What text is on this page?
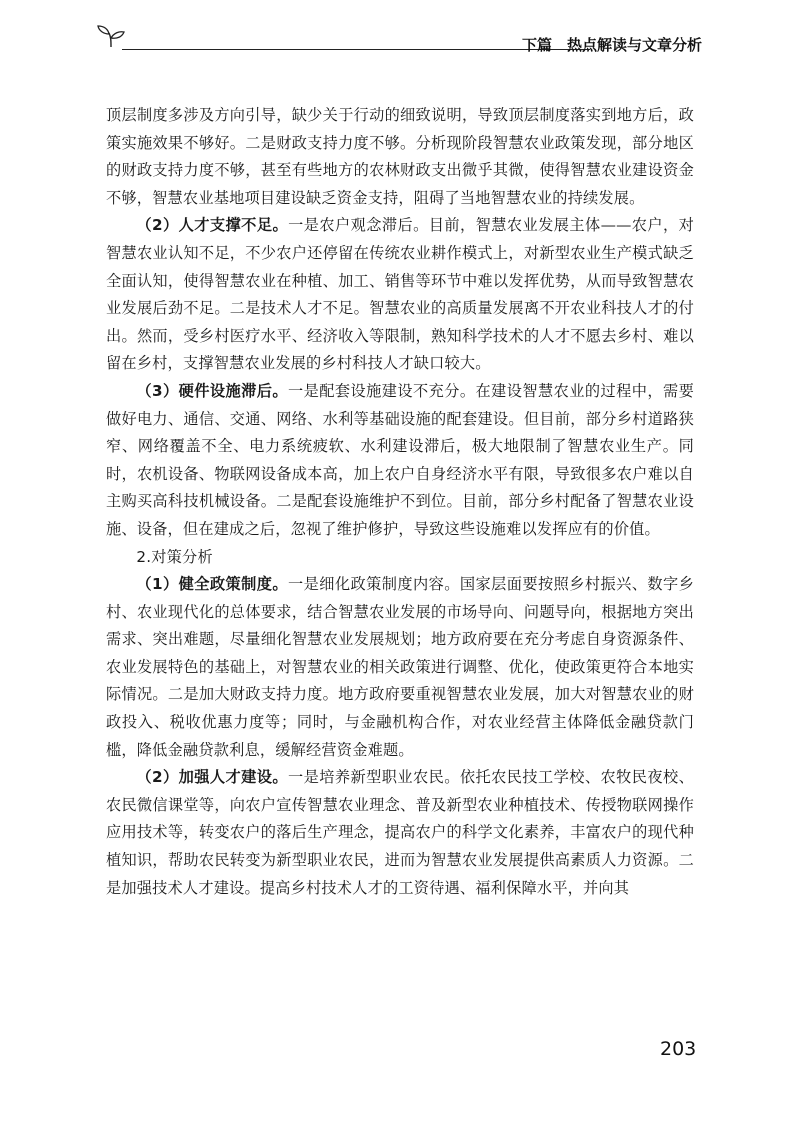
下篇　热点解读与文章分析

顶层制度多涉及方向引导，缺少关于行动的细致说明，导致顶层制度落实到地方后，政策实施效果不够好。二是财政支持力度不够。分析现阶段智慧农业政策发现，部分地区的财政支持力度不够，甚至有些地方的农林财政支出微乎其微，使得智慧农业建设资金不够，智慧农业基地项目建设缺乏资金支持，阻碍了当地智慧农业的持续发展。

（2）人才支撑不足。一是农户观念滞后。目前，智慧农业发展主体——农户，对智慧农业认知不足，不少农户还停留在传统农业耕作模式上，对新型农业生产模式缺乏全面认知，使得智慧农业在种植、加工、销售等环节中难以发挥优势，从而导致智慧农业发展后劲不足。二是技术人才不足。智慧农业的高质量发展离不开农业科技人才的付出。然而，受乡村医疗水平、经济收入等限制，熟知科学技术的人才不愿去乡村、难以留在乡村，支撑智慧农业发展的乡村科技人才缺口较大。

（3）硬件设施滞后。一是配套设施建设不充分。在建设智慧农业的过程中，需要做好电力、通信、交通、网络、水利等基础设施的配套建设。但目前，部分乡村道路狭窄、网络覆盖不全、电力系统疲软、水利建设滞后，极大地限制了智慧农业生产。同时，农机设备、物联网设备成本高，加上农户自身经济水平有限，导致很多农户难以自主购买高科技机械设备。二是配套设施维护不到位。目前，部分乡村配备了智慧农业设施、设备，但在建成之后，忽视了维护修护，导致这些设施难以发挥应有的价值。

2.对策分析

（1）健全政策制度。一是细化政策制度内容。国家层面要按照乡村振兴、数字乡村、农业现代化的总体要求，结合智慧农业发展的市场导向、问题导向，根据地方突出需求、突出难题，尽量细化智慧农业发展规划；地方政府要在充分考虑自身资源条件、农业发展特色的基础上，对智慧农业的相关政策进行调整、优化，使政策更符合本地实际情况。二是加大财政支持力度。地方政府要重视智慧农业发展，加大对智慧农业的财政投入、税收优惠力度等；同时，与金融机构合作，对农业经营主体降低金融贷款门槛，降低金融贷款利息，缓解经营资金难题。

（2）加强人才建设。一是培养新型职业农民。依托农民技工学校、农牧民夜校、农民微信课堂等，向农户宣传智慧农业理念、普及新型农业种植技术、传授物联网操作应用技术等，转变农户的落后生产理念，提高农户的科学文化素养，丰富农户的现代种植知识，帮助农民转变为新型职业农民，进而为智慧农业发展提供高素质人力资源。二是加强技术人才建设。提高乡村技术人才的工资待遇、福利保障水平，并向其

203
